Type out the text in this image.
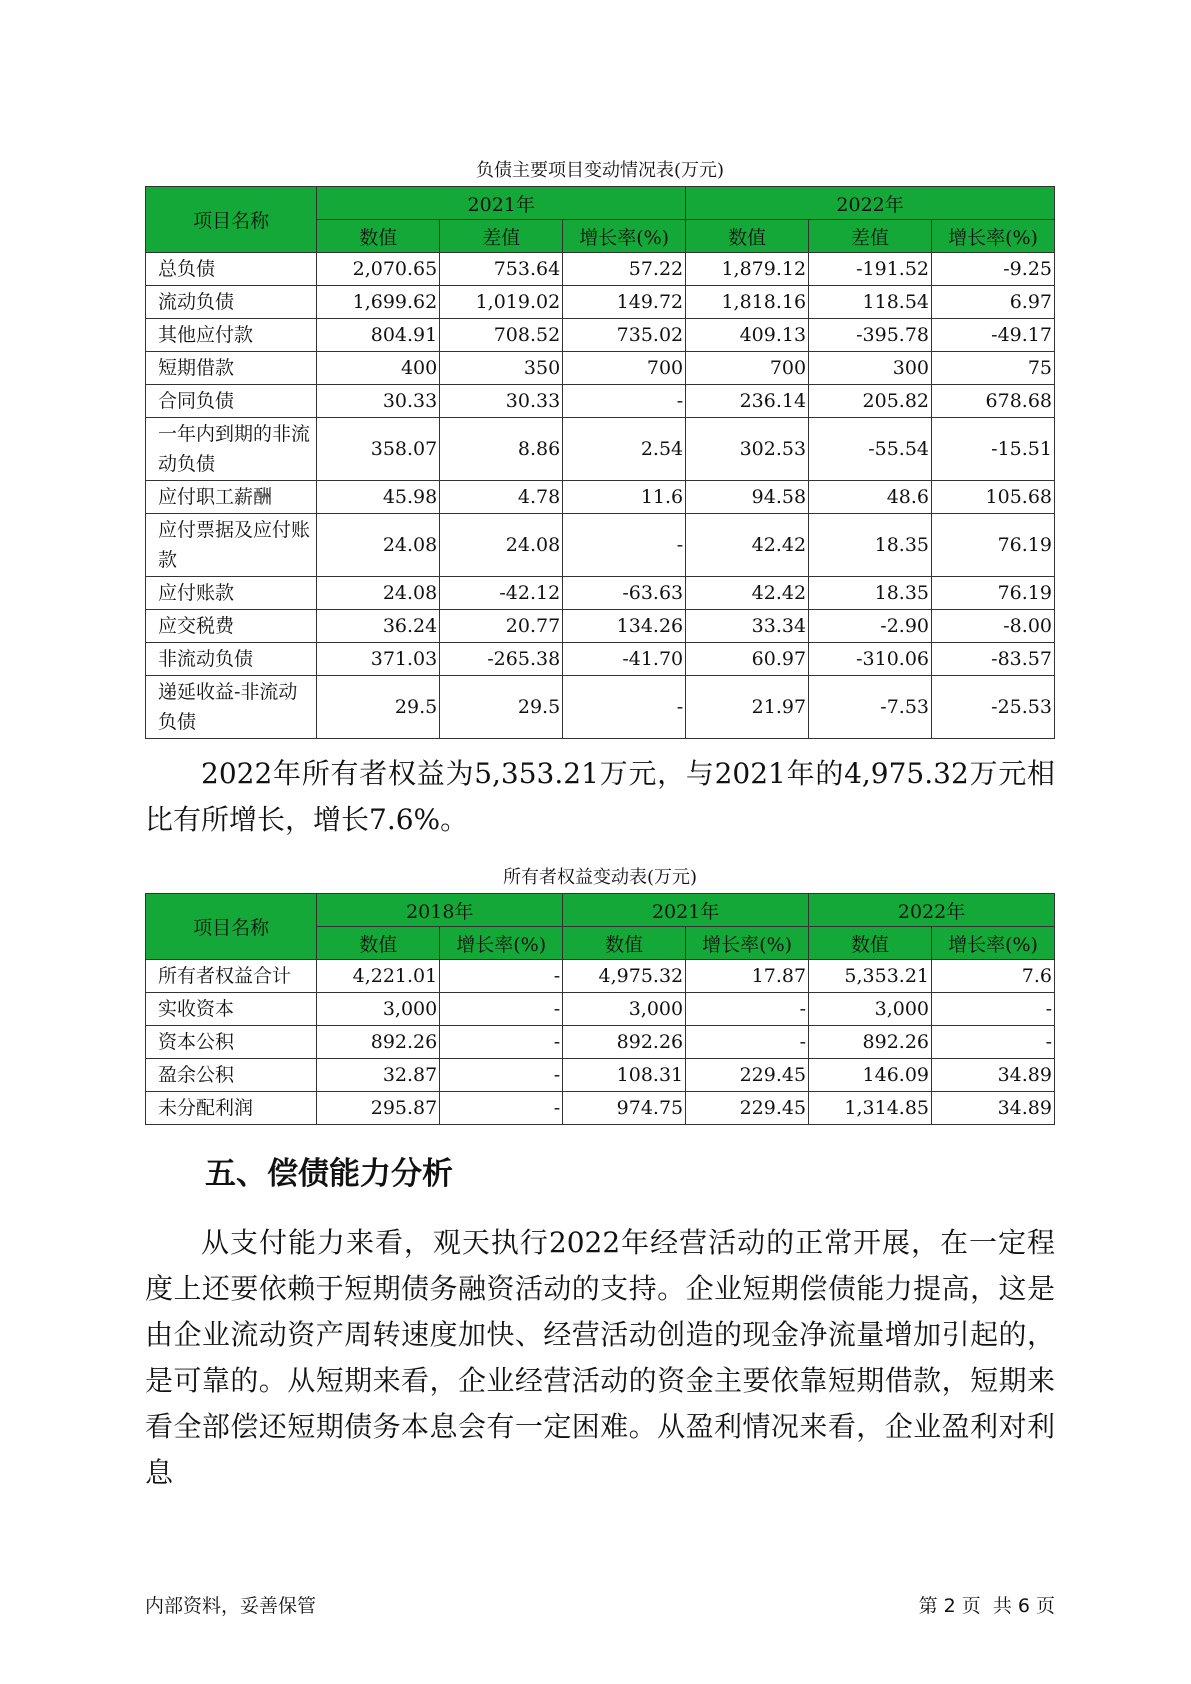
负债主要项目变动情况表(万元)
项目名称	2021年			2022年		
	数值	差值	增长率(%)	数值	差值	增长率(%)
总负债	2,070.65	753.64	57.22	1,879.12	-191.52	-9.25
流动负债	1,699.62	1,019.02	149.72	1,818.16	118.54	6.97
其他应付款	804.91	708.52	735.02	409.13	-395.78	-49.17
短期借款	400	350	700	700	300	75
合同负债	30.33	30.33	-	236.14	205.82	678.68
一年内到期的非流动负债	358.07	8.86	2.54	302.53	-55.54	-15.51
应付职工薪酬	45.98	4.78	11.6	94.58	48.6	105.68
应付票据及应付账款	24.08	24.08	-	42.42	18.35	76.19
应付账款	24.08	-42.12	-63.63	42.42	18.35	76.19
应交税费	36.24	20.77	134.26	33.34	-2.90	-8.00
非流动负债	371.03	-265.38	-41.70	60.97	-310.06	-83.57
递延收益-非流动负债	29.5	29.5	-	21.97	-7.53	-25.53

2022年所有者权益为5,353.21万元，与2021年的4,975.32万元相比有所增长，增长7.6%。

所有者权益变动表(万元)
项目名称	2018年		2021年		2022年	
	数值	增长率(%)	数值	增长率(%)	数值	增长率(%)
所有者权益合计	4,221.01	-	4,975.32	17.87	5,353.21	7.6
实收资本	3,000	-	3,000	-	3,000	-
资本公积	892.26	-	892.26	-	892.26	-
盈余公积	32.87	-	108.31	229.45	146.09	34.89
未分配利润	295.87	-	974.75	229.45	1,314.85	34.89
五、偿债能力分析

从支付能力来看，观天执行2022年经营活动的正常开展，在一定程度上还要依赖于短期债务融资活动的支持。企业短期偿债能力提高，这是由企业流动资产周转速度加快、经营活动创造的现金净流量增加引起的，是可靠的。从短期来看，企业经营活动的资金主要依靠短期借款，短期来看全部偿还短期债务本息会有一定困难。从盈利情况来看，企业盈利对利息

内部资料，妥善保管	第 2 页  共 6 页
